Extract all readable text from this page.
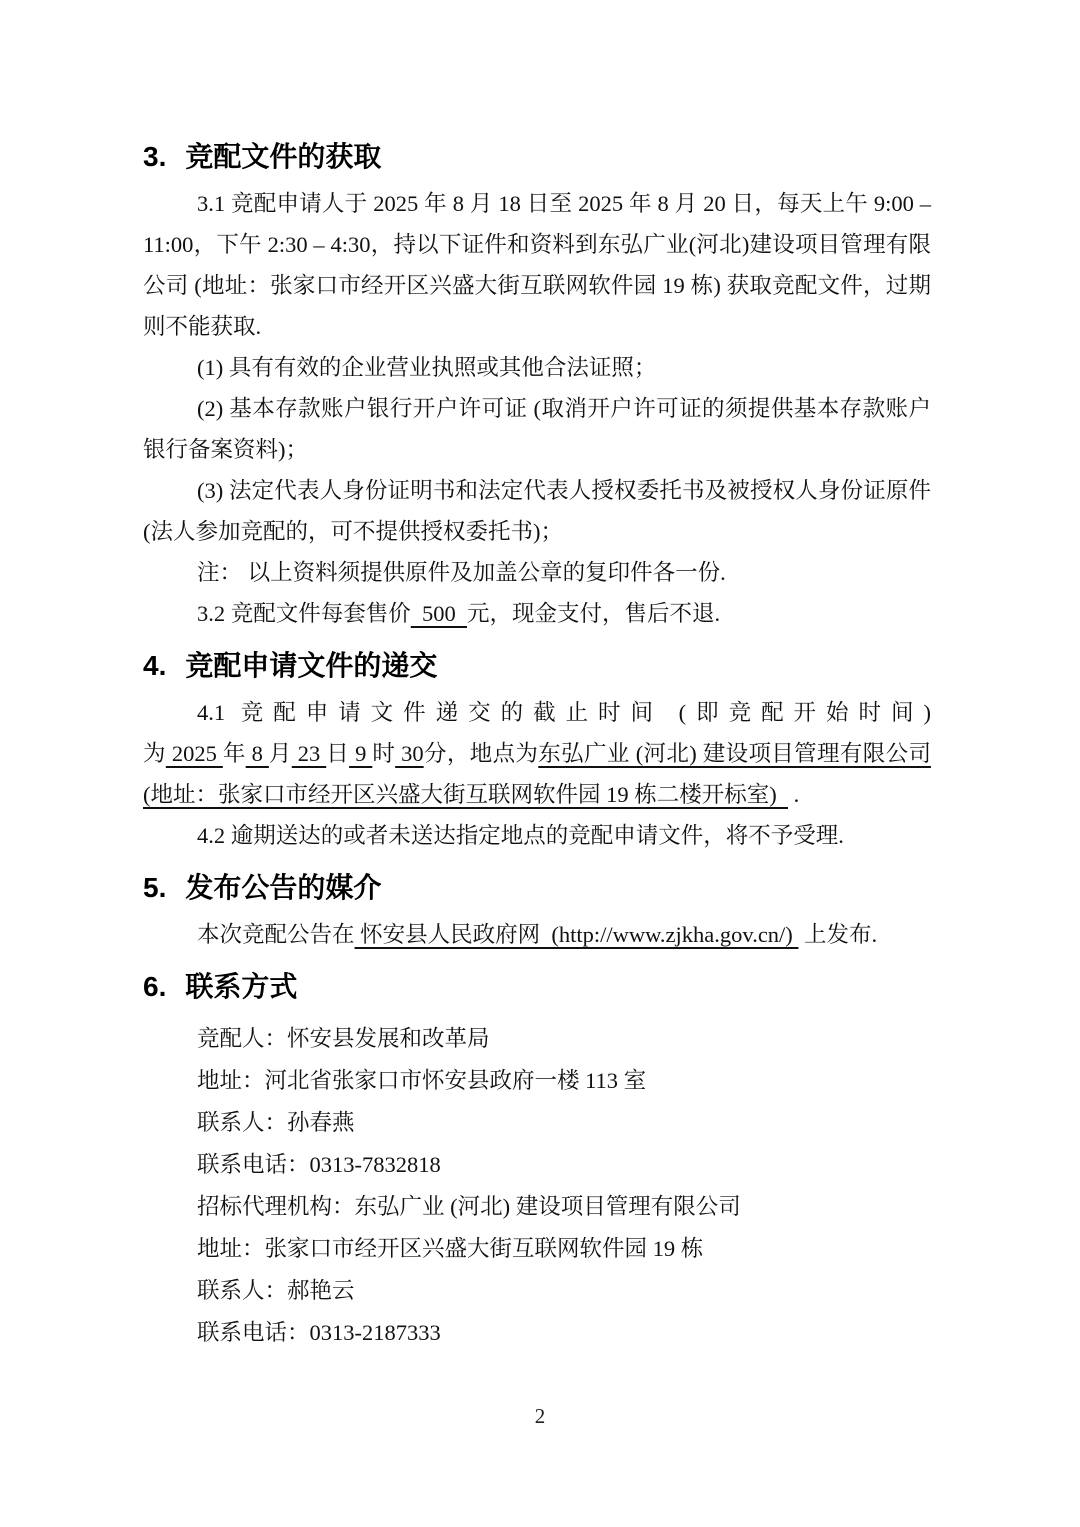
3. 竞配文件的获取

3.1 竞配申请人于 2025 年 8 月 18 日至 2025 年 8 月 20 日，每天上午 9:00 – 11:00，下午 2:30 – 4:30，持以下证件和资料到东弘广业(河北)建设项目管理有限公司 (地址：张家口市经开区兴盛大街互联网软件园 19 栋) 获取竞配文件，过期则不能获取.

(1) 具有有效的企业营业执照或其他合法证照；

(2) 基本存款账户银行开户许可证 (取消开户许可证的须提供基本存款账户银行备案资料)；

(3) 法定代表人身份证明书和法定代表人授权委托书及被授权人身份证原件 (法人参加竞配的，可不提供授权委托书)；

注： 以上资料须提供原件及加盖公章的复印件各一份.

3.2 竞配文件每套售价  500  元，现金支付，售后不退.

4. 竞配申请文件的递交

4.1 竞配申请文件递交的截止时间 (即竞配开始时间) 为 2025 年 8 月 23 日 9 时 30分，地点为东弘广业 (河北) 建设项目管理有限公司 (地址：张家口市经开区兴盛大街互联网软件园 19 栋二楼开标室)   .

4.2 逾期送达的或者未送达指定地点的竞配申请文件，将不予受理.

5. 发布公告的媒介

本次竞配公告在 怀安县人民政府网  (http://www.zjkha.gov.cn/)  上发布.

6. 联系方式

竞配人：怀安县发展和改革局

地址：河北省张家口市怀安县政府一楼 113 室

联系人：孙春燕

联系电话：0313-7832818

招标代理机构：东弘广业 (河北) 建设项目管理有限公司

地址：张家口市经开区兴盛大街互联网软件园 19 栋

联系人：郝艳云

联系电话：0313-2187333

2
